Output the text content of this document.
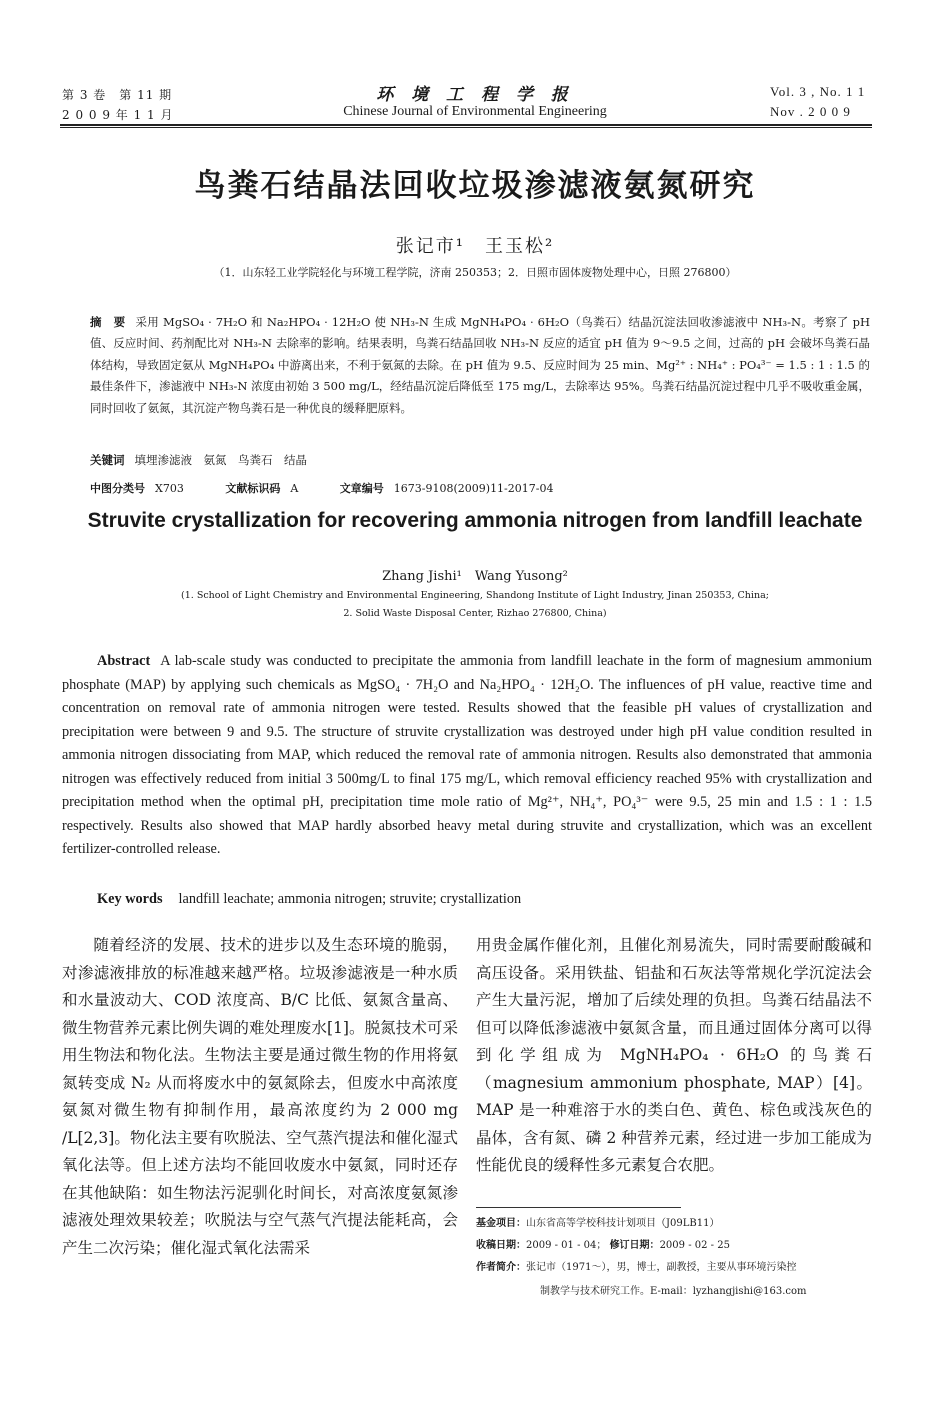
第 3 卷　第 11 期
2 0 0 9 年 1 1 月
环 境 工 程 学 报
Chinese Journal of Environmental Engineering
Vol. 3 , No. 1 1
Nov . 2 0 0 9
鸟粪石结晶法回收垃圾渗滤液氨氮研究
张记市¹　王玉松²
（1．山东轻工业学院轻化与环境工程学院，济南 250353；2．日照市固体废物处理中心，日照 276800）
摘　要 采用 MgSO₄ · 7H₂O 和 Na₂HPO₄ · 12H₂O 使 NH₃-N 生成 MgNH₄PO₄ · 6H₂O（鸟粪石）结晶沉淀法回收渗滤液中 NH₃-N。考察了 pH 值、反应时间、药剂配比对 NH₃-N 去除率的影响。结果表明，鸟粪石结晶回收 NH₃-N 反应的适宜 pH 值为 9～9.5 之间，过高的 pH 会破坏鸟粪石晶体结构，导致固定氨从 MgNH₄PO₄ 中游离出来，不利于氨氮的去除。在 pH 值为 9.5、反应时间为 25 min、Mg²⁺ : NH₄⁺ : PO₄³⁻ = 1.5 : 1 : 1.5 的最佳条件下，渗滤液中 NH₃-N 浓度由初始 3 500 mg/L，经结晶沉淀后降低至 175 mg/L，去除率达 95%。鸟粪石结晶沉淀过程中几乎不吸收重金属，同时回收了氨氮，其沉淀产物鸟粪石是一种优良的缓释肥原料。
关键词 填埋渗滤液　氨氮　鸟粪石　结晶
中图分类号 X703	文献标识码 A	文章编号 1673-9108(2009)11-2017-04
Struvite crystallization for recovering ammonia nitrogen from landfill leachate
Zhang Jishi¹　Wang Yusong²
(1. School of Light Chemistry and Environmental Engineering, Shandong Institute of Light Industry, Jinan 250353, China;
2. Solid Waste Disposal Center, Rizhao 276800, China)
Abstract A lab-scale study was conducted to precipitate the ammonia from landfill leachate in the form of magnesium ammonium phosphate (MAP) by applying such chemicals as MgSO₄ · 7H₂O and Na₂HPO₄ · 12H₂O. The influences of pH value, reactive time and concentration on removal rate of ammonia nitrogen were tested. Results showed that the feasible pH values of crystallization and precipitation were between 9 and 9.5. The structure of struvite crystallization was destroyed under high pH value condition resulted in ammonia nitrogen dissociating from MAP, which reduced the removal rate of ammonia nitrogen. Results also demonstrated that ammonia nitrogen was effectively reduced from initial 3 500mg/L to final 175 mg/L, which removal efficiency reached 95% with crystallization and precipitation method when the optimal pH, precipitation time mole ratio of Mg²⁺, NH₄⁺, PO₄³⁻ were 9.5, 25 min and 1.5 : 1 : 1.5 respectively. Results also showed that MAP hardly absorbed heavy metal during struvite and crystallization, which was an excellent fertilizer-controlled release.
Key words landfill leachate; ammonia nitrogen; struvite; crystallization
随着经济的发展、技术的进步以及生态环境的脆弱，对渗滤液排放的标准越来越严格。垃圾渗滤液是一种水质和水量波动大、COD 浓度高、B/C 比低、氨氮含量高、微生物营养元素比例失调的难处理废水[1]。脱氮技术可采用生物法和物化法。生物法主要是通过微生物的作用将氨氮转变成 N₂ 从而将废水中的氨氮除去，但废水中高浓度氨氮对微生物有抑制作用，最高浓度约为 2 000 mg /L[2,3]。物化法主要有吹脱法、空气蒸汽提法和催化湿式氧化法等。但上述方法均不能回收废水中氨氮，同时还存在其他缺陷：如生物法污泥驯化时间长，对高浓度氨氮渗滤液处理效果较差；吹脱法与空气蒸气汽提法能耗高，会产生二次污染；催化湿式氧化法需采
用贵金属作催化剂，且催化剂易流失，同时需要耐酸碱和高压设备。采用铁盐、铝盐和石灰法等常规化学沉淀法会产生大量污泥，增加了后续处理的负担。鸟粪石结晶法不但可以降低渗滤液中氨氮含量，而且通过固体分离可以得到化学组成为 MgNH₄PO₄ · 6H₂O 的鸟粪石（magnesium ammonium phosphate, MAP）[4]。MAP 是一种难溶于水的类白色、黄色、棕色或浅灰色的晶体，含有氮、磷 2 种营养元素，经过进一步加工能成为性能优良的缓释性多元素复合农肥。
基金项目：山东省高等学校科技计划项目（J09LB11）
收稿日期：2009 - 01 - 04； 修订日期：2009 - 02 - 25
作者简介：张记市（1971～），男，博士，副教授，主要从事环境污染控
制教学与技术研究工作。E-mail：lyzhangjishi@163.com
